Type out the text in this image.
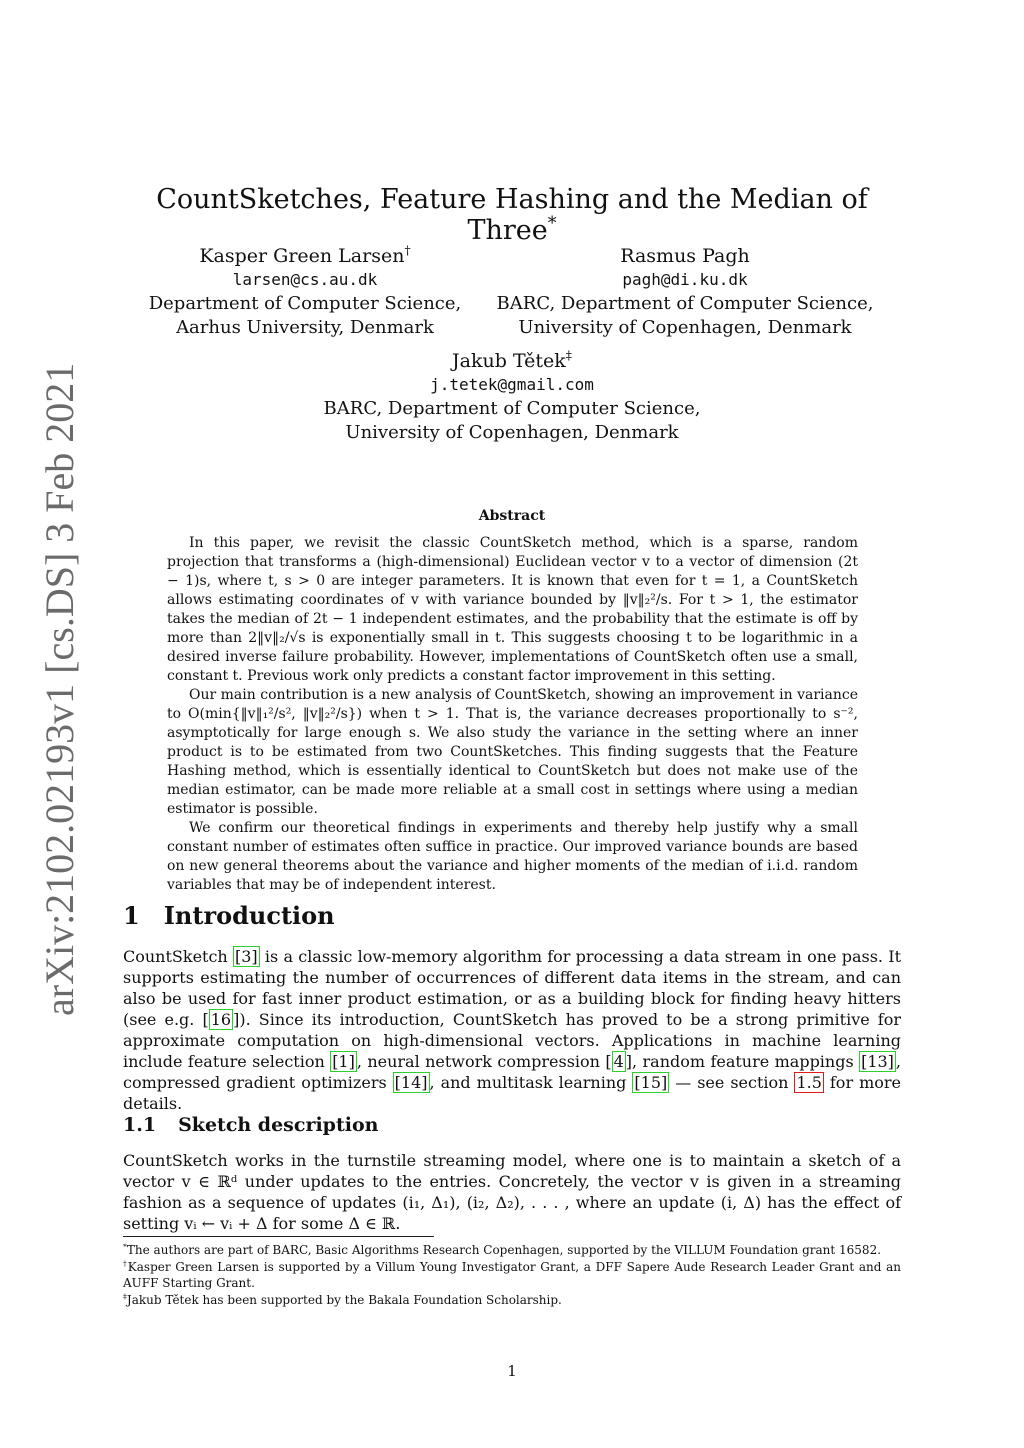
arXiv:2102.02193v1 [cs.DS] 3 Feb 2021
CountSketches, Feature Hashing and the Median of Three*
Kasper Green Larsen†
larsen@cs.au.dk
Department of Computer Science,
Aarhus University, Denmark
Rasmus Pagh
pagh@di.ku.dk
BARC, Department of Computer Science,
University of Copenhagen, Denmark
Jakub Tětek‡
j.tetek@gmail.com
BARC, Department of Computer Science,
University of Copenhagen, Denmark
Abstract

In this paper, we revisit the classic CountSketch method, which is a sparse, random projection that transforms a (high-dimensional) Euclidean vector v to a vector of dimension (2t − 1)s, where t, s > 0 are integer parameters. It is known that even for t = 1, a CountSketch allows estimating coordinates of v with variance bounded by ‖v‖₂²/s. For t > 1, the estimator takes the median of 2t − 1 independent estimates, and the probability that the estimate is off by more than 2‖v‖₂/√s is exponentially small in t. This suggests choosing t to be logarithmic in a desired inverse failure probability. However, implementations of CountSketch often use a small, constant t. Previous work only predicts a constant factor improvement in this setting.

Our main contribution is a new analysis of CountSketch, showing an improvement in variance to O(min{‖v‖₁²/s², ‖v‖₂²/s}) when t > 1. That is, the variance decreases proportionally to s⁻², asymptotically for large enough s. We also study the variance in the setting where an inner product is to be estimated from two CountSketches. This finding suggests that the Feature Hashing method, which is essentially identical to CountSketch but does not make use of the median estimator, can be made more reliable at a small cost in settings where using a median estimator is possible.

We confirm our theoretical findings in experiments and thereby help justify why a small constant number of estimates often suffice in practice. Our improved variance bounds are based on new general theorems about the variance and higher moments of the median of i.i.d. random variables that may be of independent interest.

1 Introduction

CountSketch [3] is a classic low-memory algorithm for processing a data stream in one pass. It supports estimating the number of occurrences of different data items in the stream, and can also be used for fast inner product estimation, or as a building block for finding heavy hitters (see e.g. [ 16 ]). Since its introduction, CountSketch has proved to be a strong primitive for approximate computation on high-dimensional vectors. Applications in machine learning include feature selection [1] , neural network compression [ 4 ], random feature mappings [13] , compressed gradient optimizers [14] , and multitask learning [15] — see section 1.5 for more details.

1.1 Sketch description

CountSketch works in the turnstile streaming model, where one is to maintain a sketch of a vector v ∈ ℝᵈ under updates to the entries. Concretely, the vector v is given in a streaming fashion as a sequence of updates (i₁, Δ₁), (i₂, Δ₂), . . . , where an update (i, Δ) has the effect of setting vᵢ ← vᵢ + Δ for some Δ ∈ ℝ.

*The authors are part of BARC, Basic Algorithms Research Copenhagen, supported by the VILLUM Foundation grant 16582.

†Kasper Green Larsen is supported by a Villum Young Investigator Grant, a DFF Sapere Aude Research Leader Grant and an AUFF Starting Grant.

‡Jakub Tětek has been supported by the Bakala Foundation Scholarship.

1
